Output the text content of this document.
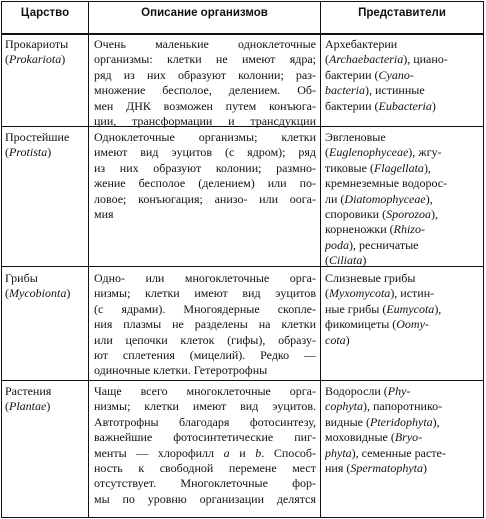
Царство	Описание организмов	Представители
Прокариоты
(Prokariota)
Очень маленькие одноклеточные
организмы: клетки не имеют ядра;
ряд из них образуют колонии; раз-
множение бесполое, делением. Об-
мен ДНК возможен путем конъюга-
ции, трансформации и трансдукции
Архебактерии
(Archaebacteria), циано-
бактерии (Cyano-
bacteria), истинные
бактерии (Eubacteria)
Простейшие
(Protista)
Одноклеточные организмы; клетки
имеют вид эуцитов (с ядром); ряд
из них образуют колонии; размно-
жение бесполое (делением) или по-
ловое; конъюгация; анизо- или оога-
мия
Эвгленовые
(Euglenophyceae), жгу-
тиковые (Flagellata),
кремнеземные водорос-
ли (Diatomophyceae),
споровики (Sporozoa),
корненожки (Rhizo-
poda), ресничатые
(Ciliata)
Грибы
(Mycobionta)
Одно- или многоклеточные орга-
низмы; клетки имеют вид эуцитов
(с ядрами). Многоядерные скопле-
ния плазмы не разделены на клетки
или цепочки клеток (гифы), образу-
ют сплетения (мицелий). Редко —
одиночные клетки. Гетеротрофны
Слизневые грибы
(Myxomycota), истин-
ные грибы (Eumycota),
фикомицеты (Oomy-
cota)
Растения
(Plantae)
Чаще всего многоклеточные орга-
низмы; клетки имеют вид эуцитов.
Автотрофны благодаря фотосинтезу,
важнейшие фотосинтетические пиг-
менты — хлорофилл a и b. Способ-
ность к свободной перемене мест
отсутствует. Многоклеточные фор-
мы по уровню организации делятся
Водоросли (Phy-
cophyta), папоротнико-
видные (Pteridophyta),
моховидные (Bryo-
phyta), семенные расте-
ния (Spermatophyta)
